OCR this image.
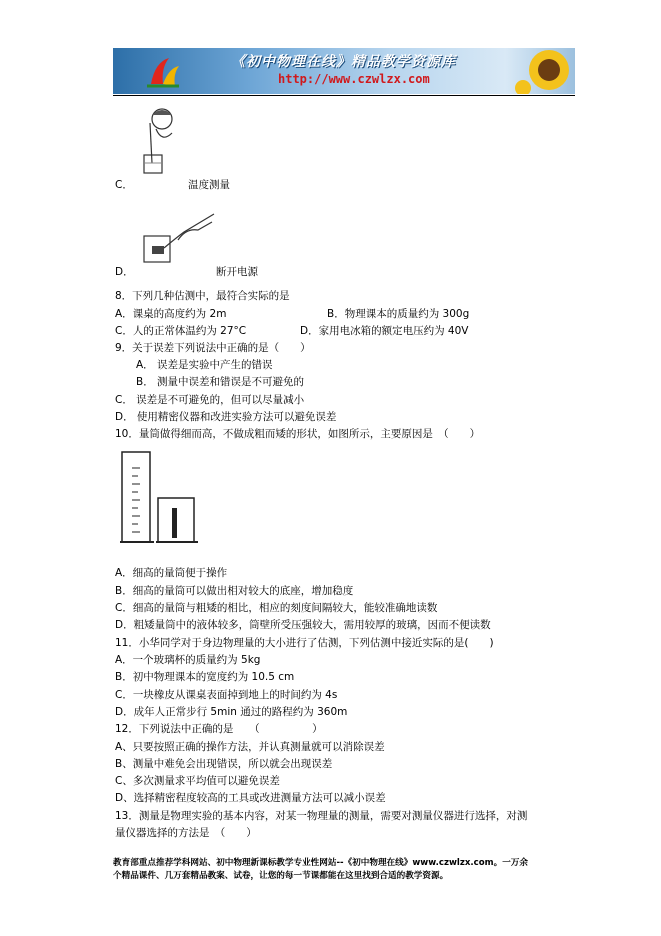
《初中物理在线》精品教学资源库
http://www.czwlzx.com
C．	温度测量
D．	断开电源
8．下列几种估测中，最符合实际的是
A．课桌的高度约为 2m	B．物理课本的质量约为 300g
C．人的正常体温约为 27°C	D．家用电冰箱的额定电压约为 40V
9．关于误差下列说法中正确的是（　　）
A． 误差是实验中产生的错误
B． 测量中误差和错误是不可避免的
C． 误差是不可避免的，但可以尽量减小
D． 使用精密仪器和改进实验方法可以避免误差
10．量筒做得细而高，不做成粗而矮的形状，如图所示，主要原因是　（　　）
A．细高的量筒便于操作
B．细高的量筒可以做出相对较大的底座，增加稳度
C．细高的量筒与粗矮的相比，相应的刻度间隔较大，能较准确地读数
D．粗矮量筒中的液体较多，筒壁所受压强较大，需用较厚的玻璃，因而不便读数
11．小华同学对于身边物理量的大小进行了估测，下列估测中接近实际的是(　　)
A．一个玻璃杯的质量约为 5kg
B．初中物理课本的宽度约为 10.5 cm
C．一块橡皮从课桌表面掉到地上的时间约为 4s
D．成年人正常步行 5min 通过的路程约为 360m
12．下列说法中正确的是　　（　　　　　）
A、只要按照正确的操作方法，并认真测量就可以消除误差
B、测量中难免会出现错误，所以就会出现误差
C、多次测量求平均值可以避免误差
D、选择精密程度较高的工具或改进测量方法可以减小误差
13．测量是物理实验的基本内容，对某一物理量的测量，需要对测量仪器进行选择，对测
量仪器选择的方法是　（　　）
教育部重点推荐学科网站、初中物理新课标教学专业性网站--《初中物理在线》www.czwlzx.com。一万余
个精品课件、几万套精品教案、试卷，让您的每一节课都能在这里找到合适的教学资源。
